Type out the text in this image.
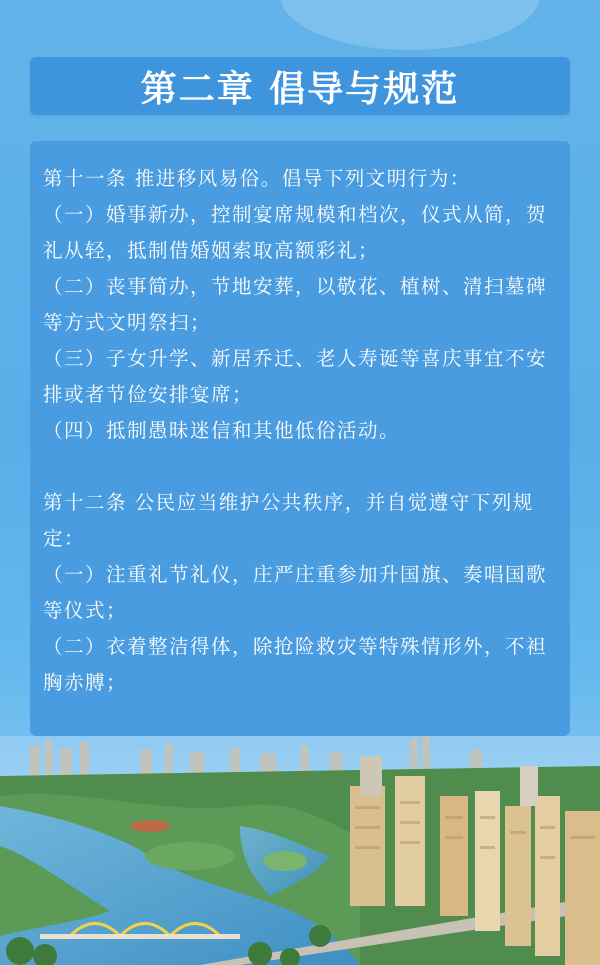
第二章 倡导与规范

第十一条 推进移风易俗。倡导下列文明行为：

（一）婚事新办，控制宴席规模和档次，仪式从简，贺礼从轻，抵制借婚姻索取高额彩礼；

（二）丧事简办，节地安葬，以敬花、植树、清扫墓碑等方式文明祭扫；

（三）子女升学、新居乔迁、老人寿诞等喜庆事宜不安排或者节俭安排宴席；

（四）抵制愚昧迷信和其他低俗活动。

第十二条 公民应当维护公共秩序，并自觉遵守下列规定：

（一）注重礼节礼仪，庄严庄重参加升国旗、奏唱国歌等仪式；

（二）衣着整洁得体，除抢险救灾等特殊情形外，不袒胸赤膊；
